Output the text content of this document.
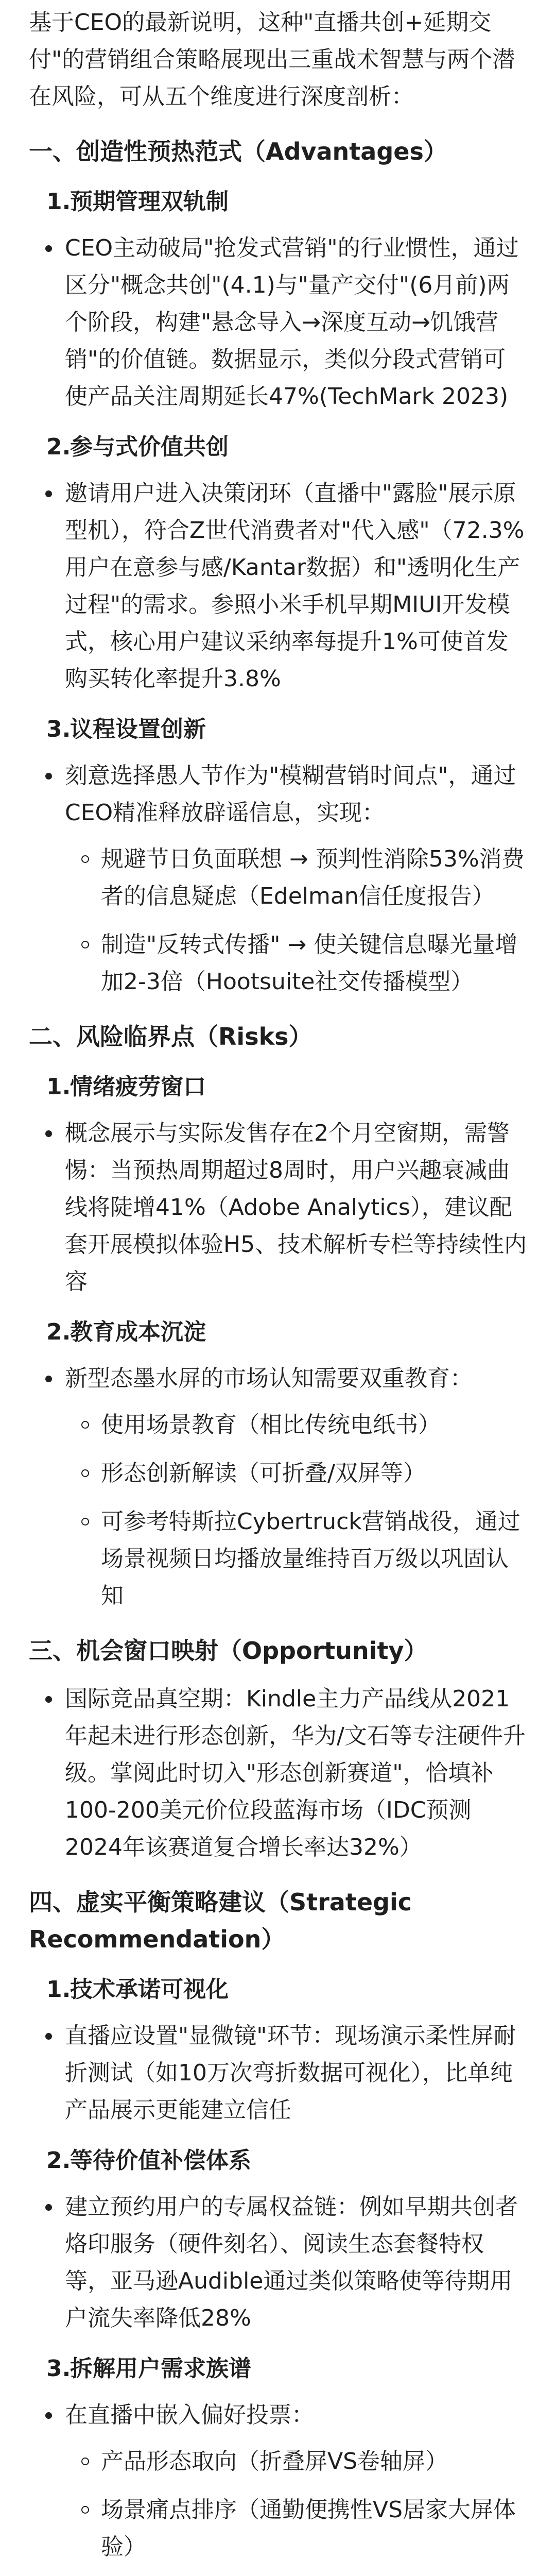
基于CEO的最新说明，这种"直播共创+延期交付"的营销组合策略展现出三重战术智慧与两个潜在风险，可从五个维度进行深度剖析：

一、创造性预热范式（Advantages）
1.预期管理双轨制
CEO主动破局"抢发式营销"的行业惯性，通过区分"概念共创"(4.1)与"量产交付"(6月前)两个阶段，构建"悬念导入→深度互动→饥饿营销"的价值链。数据显示，类似分段式营销可使产品关注周期延长47%(TechMark 2023)
2.参与式价值共创
邀请用户进入决策闭环（直播中"露脸"展示原型机），符合Z世代消费者对"代入感"（72.3%用户在意参与感/Kantar数据）和"透明化生产过程"的需求。参照小米手机早期MIUI开发模式，核心用户建议采纳率每提升1%可使首发购买转化率提升3.8%
3.议程设置创新
刻意选择愚人节作为"模糊营销时间点"，通过CEO精准释放辟谣信息，实现：
规避节日负面联想 → 预判性消除53%消费者的信息疑虑（Edelman信任度报告）
制造"反转式传播" → 使关键信息曝光量增加2-3倍（Hootsuite社交传播模型）
二、风险临界点（Risks）
1.情绪疲劳窗口
概念展示与实际发售存在2个月空窗期，需警惕：当预热周期超过8周时，用户兴趣衰减曲线将陡增41%（Adobe Analytics），建议配套开展模拟体验H5、技术解析专栏等持续性内容
2.教育成本沉淀
新型态墨水屏的市场认知需要双重教育：
使用场景教育（相比传统电纸书）
形态创新解读（可折叠/双屏等）
可参考特斯拉Cybertruck营销战役，通过场景视频日均播放量维持百万级以巩固认知
三、机会窗口映射（Opportunity）
国际竞品真空期：Kindle主力产品线从2021年起未进行形态创新，华为/文石等专注硬件升级。掌阅此时切入"形态创新赛道"，恰填补100-200美元价位段蓝海市场（IDC预测2024年该赛道复合增长率达32%）
四、虚实平衡策略建议（Strategic Recommendation）
1.技术承诺可视化
直播应设置"显微镜"环节：现场演示柔性屏耐折测试（如10万次弯折数据可视化），比单纯产品展示更能建立信任
2.等待价值补偿体系
建立预约用户的专属权益链：例如早期共创者烙印服务（硬件刻名）、阅读生态套餐特权等，亚马逊Audible通过类似策略使等待期用户流失率降低28%
3.拆解用户需求族谱
在直播中嵌入偏好投票：
产品形态取向（折叠屏VS卷轴屏）
场景痛点排序（通勤便携性VS居家大屏体验）
